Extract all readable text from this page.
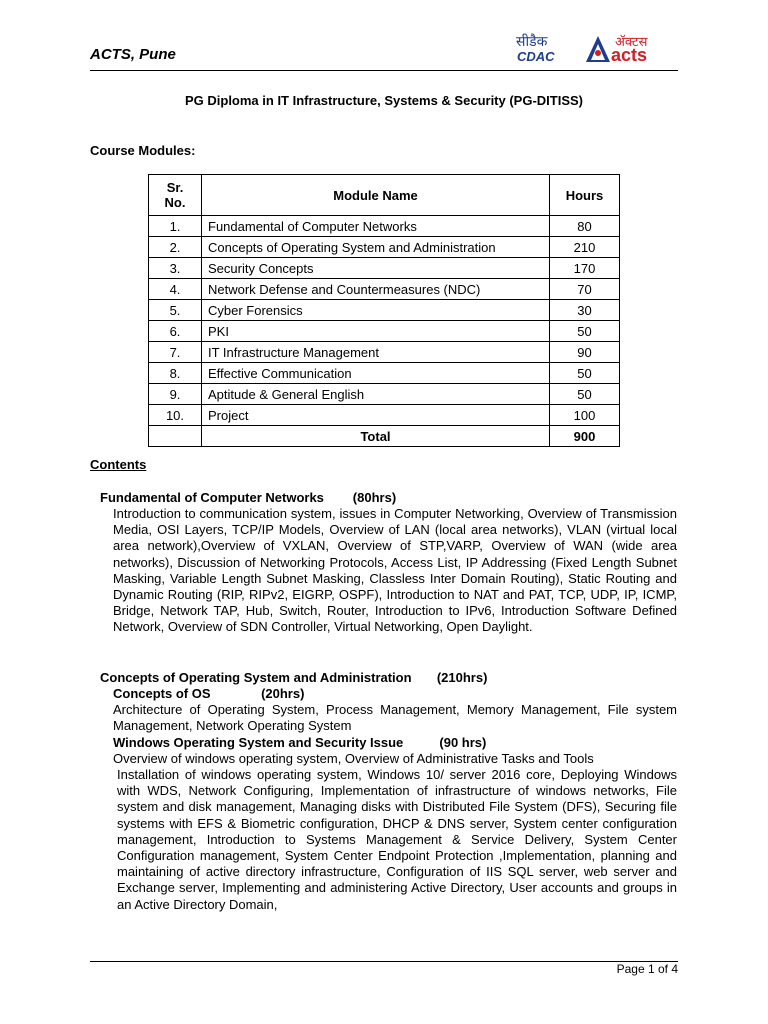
ACTS, Pune
सीडैक
CDAC
ॲक्टस
acts
PG Diploma in IT Infrastructure, Systems & Security (PG-DITISS)
Course Modules:
Sr. No.	Module Name	Hours
1.	Fundamental of Computer Networks	80
2.	Concepts of Operating System and Administration	210
3.	Security Concepts	170
4.	Network Defense and Countermeasures (NDC)	70
5.	Cyber Forensics	30
6.	PKI	50
7.	IT Infrastructure Management	90
8.	Effective Communication	50
9.	Aptitude & General English	50
10.	Project	100
	Total	900
Contents
Fundamental of Computer Networks        (80hrs)
Introduction to communication system, issues in Computer Networking, Overview of Transmission Media, OSI Layers, TCP/IP Models, Overview of LAN (local area networks), VLAN (virtual local area network),Overview of VXLAN, Overview of STP,VARP, Overview of WAN (wide area networks), Discussion of Networking Protocols, Access List, IP Addressing (Fixed Length Subnet Masking, Variable Length Subnet Masking, Classless Inter Domain Routing), Static Routing and Dynamic Routing (RIP, RIPv2, EIGRP, OSPF), Introduction to NAT and PAT, TCP, UDP, IP, ICMP, Bridge, Network TAP, Hub, Switch, Router, Introduction to IPv6, Introduction Software Defined Network, Overview of SDN Controller, Virtual Networking, Open Daylight.
Concepts of Operating System and Administration       (210hrs)
Concepts of OS              (20hrs)
Architecture of Operating System, Process Management, Memory Management, File system Management, Network Operating System
Windows Operating System and Security Issue          (90 hrs)
Overview of windows operating system, Overview of Administrative Tasks and Tools
Installation of windows operating system, Windows 10/ server 2016 core, Deploying Windows with WDS, Network Configuring, Implementation of infrastructure of windows networks, File system and disk management, Managing disks with Distributed File System (DFS), Securing file systems with EFS & Biometric configuration, DHCP & DNS server, System center configuration management, Introduction to Systems Management & Service Delivery, System Center Configuration management, System Center Endpoint Protection ,Implementation, planning and maintaining of active directory infrastructure, Configuration of IIS SQL server, web server and Exchange server, Implementing and administering Active Directory, User accounts and groups in an Active Directory Domain,
Page 1 of 4
